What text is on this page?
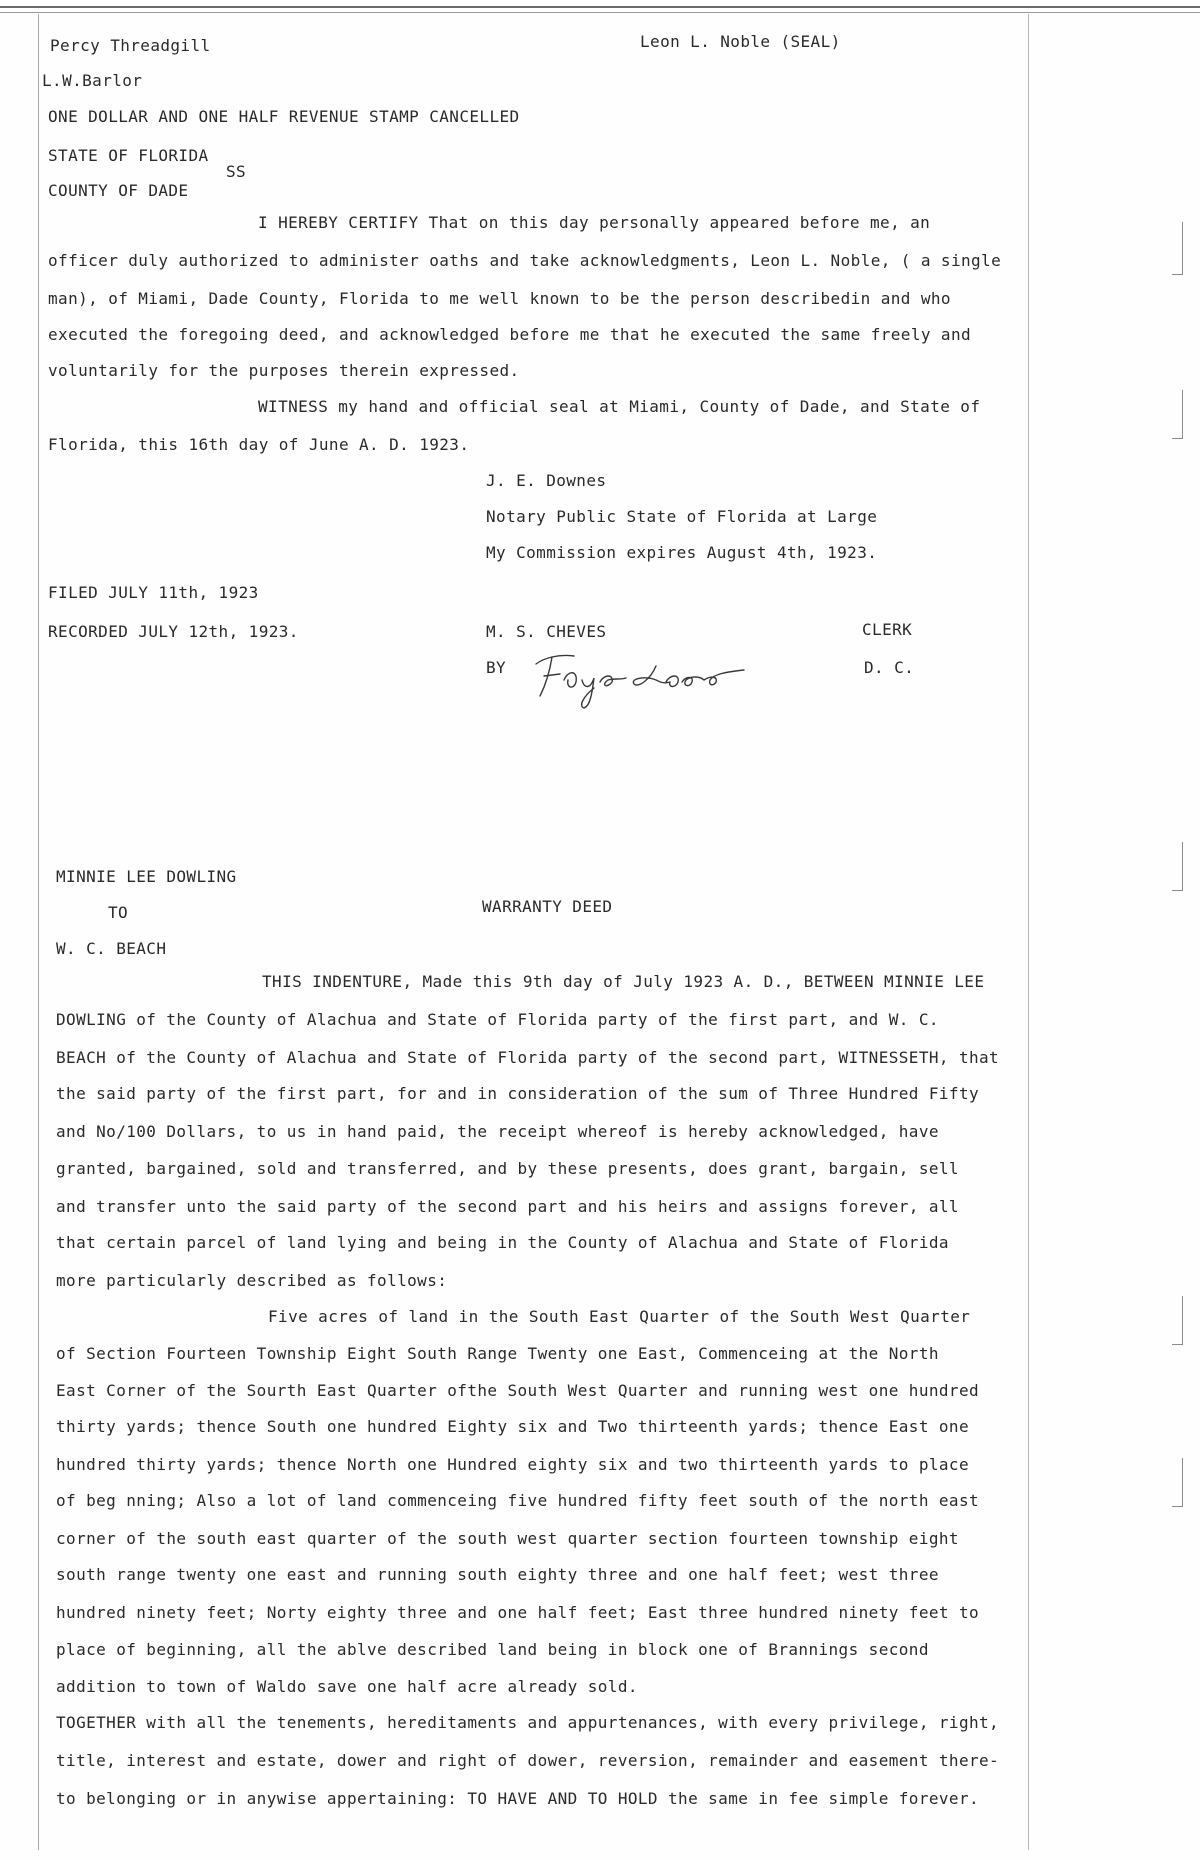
Percy Threadgill	Leon L. Noble (SEAL)
L.W.Barlor
ONE DOLLAR AND ONE HALF REVENUE STAMP CANCELLED
STATE OF FLORIDA
SS
COUNTY OF DADE
I HEREBY CERTIFY That on this day personally appeared before me, an
officer duly authorized to administer oaths and take acknowledgments, Leon L. Noble, ( a single
man), of Miami, Dade County, Florida to me well known to be the person describedin and who
executed the foregoing deed, and acknowledged before me that he executed the same freely and
voluntarily for the purposes therein expressed.
WITNESS my hand and official seal at Miami, County of Dade, and State of
Florida, this 16th day of June A. D. 1923.
J. E. Downes
Notary Public State of Florida at Large
My Commission expires August 4th, 1923.
FILED JULY 11th, 1923
RECORDED JULY 12th, 1923.	M. S. CHEVES	CLERK
BY	D. C.
MINNIE LEE DOWLING
TO	WARRANTY DEED
W. C. BEACH
THIS INDENTURE, Made this 9th day of July 1923 A. D., BETWEEN MINNIE LEE
DOWLING of the County of Alachua and State of Florida party of the first part, and W. C.
BEACH of the County of Alachua and State of Florida party of the second part, WITNESSETH, that
the said party of the first part, for and in consideration of the sum of Three Hundred Fifty
and No/100 Dollars, to us in hand paid, the receipt whereof is hereby acknowledged, have
granted, bargained, sold and transferred, and by these presents, does grant, bargain, sell
and transfer unto the said party of the second part and his heirs and assigns forever, all
that certain parcel of land lying and being in the County of Alachua and State of Florida
more particularly described as follows:
Five acres of land in the South East Quarter of the South West Quarter
of Section Fourteen Township Eight South Range Twenty one East, Commenceing at the North
East Corner of the Sourth East Quarter ofthe South West Quarter and running west one hundred
thirty yards; thence South one hundred Eighty six and Two thirteenth yards; thence East one
hundred thirty yards; thence North one Hundred eighty six and two thirteenth yards to place
of beg nning; Also a lot of land commenceing five hundred fifty feet south of the north east
corner of the south east quarter of the south west quarter section fourteen township eight
south range twenty one east and running south eighty three and one half feet; west three
hundred ninety feet; Norty eighty three and one half feet; East three hundred ninety feet to
place of beginning, all the ablve described land being in block one of Brannings second
addition to town of Waldo save one half acre already sold.
TOGETHER with all the tenements, hereditaments and appurtenances, with every privilege, right,
title, interest and estate, dower and right of dower, reversion, remainder and easement there-
to belonging or in anywise appertaining: TO HAVE AND TO HOLD the same in fee simple forever.
